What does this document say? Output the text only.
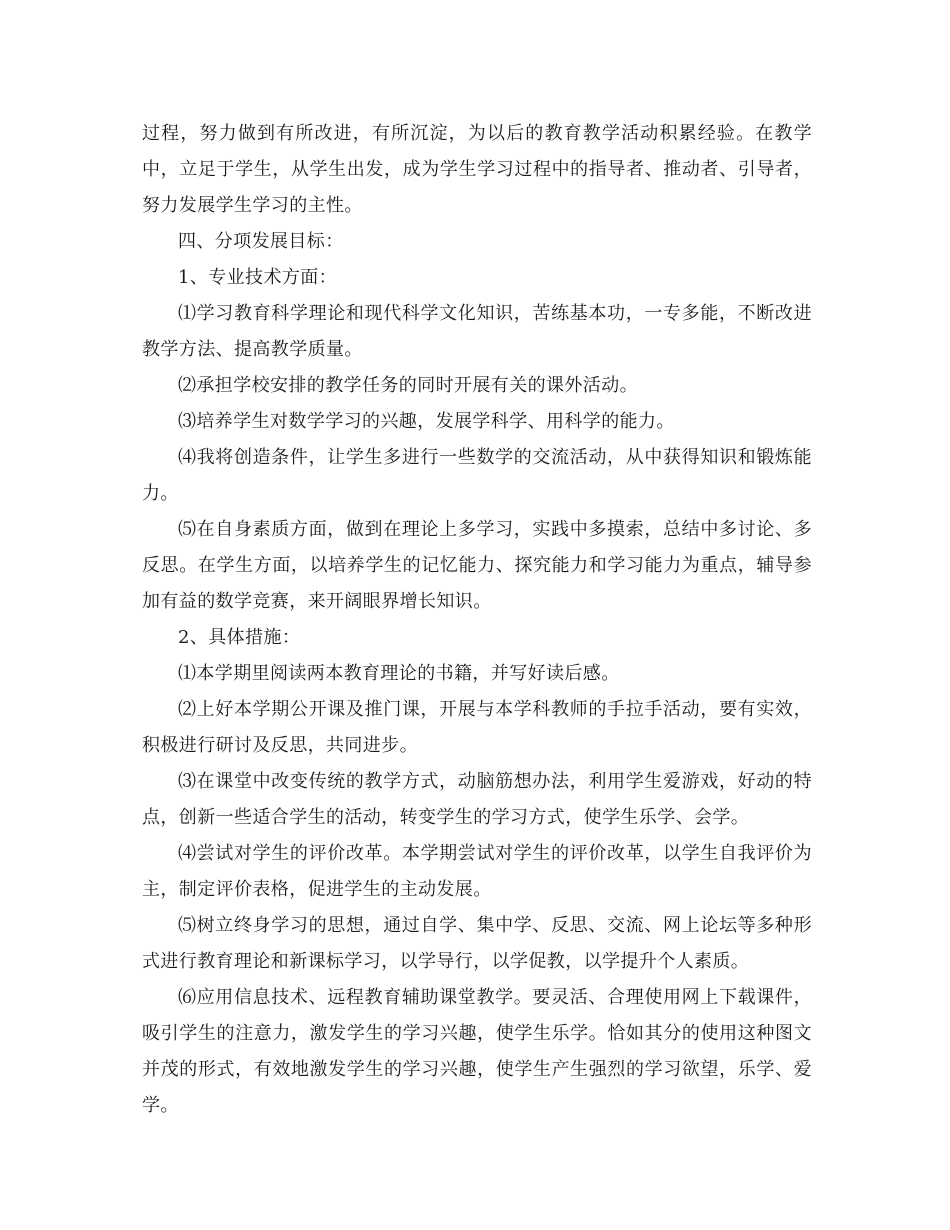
过程，努力做到有所改进，有所沉淀，为以后的教育教学活动积累经验。在教学中，立足于学生，从学生出发，成为学生学习过程中的指导者、推动者、引导者，努力发展学生学习的主性。

四、分项发展目标：

1、专业技术方面：

⑴学习教育科学理论和现代科学文化知识，苦练基本功，一专多能，不断改进教学方法、提高教学质量。

⑵承担学校安排的教学任务的同时开展有关的课外活动。

⑶培养学生对数学学习的兴趣，发展学科学、用科学的能力。

⑷我将创造条件，让学生多进行一些数学的交流活动，从中获得知识和锻炼能力。

⑸在自身素质方面，做到在理论上多学习，实践中多摸索，总结中多讨论、多反思。在学生方面，以培养学生的记忆能力、探究能力和学习能力为重点，辅导参加有益的数学竞赛，来开阔眼界增长知识。

2、具体措施：

⑴本学期里阅读两本教育理论的书籍，并写好读后感。

⑵上好本学期公开课及推门课，开展与本学科教师的手拉手活动，要有实效，积极进行研讨及反思，共同进步。

⑶在课堂中改变传统的教学方式，动脑筋想办法，利用学生爱游戏，好动的特点，创新一些适合学生的活动，转变学生的学习方式，使学生乐学、会学。

⑷尝试对学生的评价改革。本学期尝试对学生的评价改革，以学生自我评价为主，制定评价表格，促进学生的主动发展。

⑸树立终身学习的思想，通过自学、集中学、反思、交流、网上论坛等多种形式进行教育理论和新课标学习，以学导行，以学促教，以学提升个人素质。

⑹应用信息技术、远程教育辅助课堂教学。要灵活、合理使用网上下载课件，吸引学生的注意力，激发学生的学习兴趣，使学生乐学。恰如其分的使用这种图文并茂的形式，有效地激发学生的学习兴趣，使学生产生强烈的学习欲望，乐学、爱学。
